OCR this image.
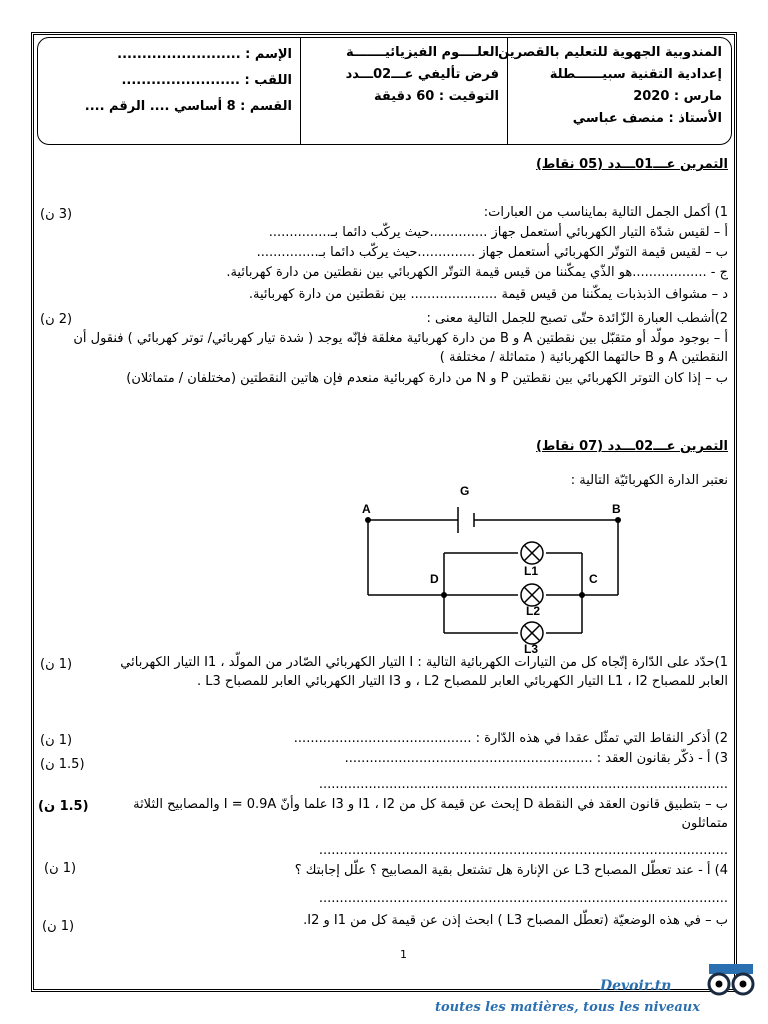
المندوبية الجهوية للتعليم بالقصرين
إعدادية التقنية سبيــــــطلة
مارس : 2020
الأستاذ : منصف عباسي
العلــــوم الفيزيائيـــــــة
فرض تأليفي عـــ02ـــدد
التوقيت : 60 دقيقة
الإسم : .........................
اللقب : ........................
القسم : 8 أساسي .... الرقم ....
التمرين عـــ01ـــدد (05 نقاط)
1) أكمل الجمل التالية بمايناسب من العبارات:
(3 ن)
أ – لقيس شدّة التيار الكهربائي أستعمل جهاز ..............حيث يركّب دائما بـ...............
ب – لقيس قيمة التوتّر الكهربائي أستعمل جهاز ..............حيث يركّب دائما بـ...............
ج - ..................هو الذّي يمكّننا من قيس قيمة التوتّر الكهربائي بين نقطتين من دارة كهربائية.
د – مشواف الذبذبات يمكّننا من قيس قيمة ..................... بين نقطتين من دارة كهربائية.
2)أشطب العبارة الزّائدة حتّى تصبح للجمل التالية معنى :
(2 ن)
أ – بوجود مولّد أو متقبّل بين نقطتين A و B من دارة كهربائية مغلقة فإنّه يوجد ( شدة تيار كهربائي/ توتر كهربائي ) فنقول أن النقطتين A و B حالتهما الكهربائية ( متماثلة / مختلفة )
ب – إذا كان التوتر الكهربائي بين نقطتين P و N من دارة كهربائية منعدم فإن هاتين النقطتين (مختلفان / متماثلان)
التمرين عـــ02ـــدد (07 نقاط)
نعتبر الدارة الكهربائيّة التالية :
1)حدّد على الدّارة إتّجاه كل من التيارات الكهربائية التالية : I التيار الكهربائي الصّادر من المولّد ، I1 التيار الكهربائي العابر للمصباح L1 ، I2 التيار الكهربائي العابر للمصباح L2 ، و I3 التيار الكهربائي العابر للمصباح L3 .
(1 ن)
2) أذكر النقاط التي تمثّل عقدا في هذه الدّارة : ...........................................
(1 ن)
3) أ - ذكّر بقانون العقد : ............................................................
(1.5 ن)
...................................................................................................
ب – بتطبيق قانون العقد في النقطة D إبحث عن قيمة كل من I1 ، I2 و I3 علما وأنّ I = 0.9A والمصابيح الثلاثة متماثلون
(1.5 ن)
...................................................................................................
4) أ - عند تعطّل المصباح L3 عن الإنارة هل تشتعل بقية المصابيح ؟ علّل إجابتك ؟
(1 ن)
...................................................................................................
ب – في هذه الوضعيّة (تعطّل المصباح L3 ) ابحث إذن عن قيمة كل من I1 و I2.
(1 ن)
A	B
G
D	C
L1
L2
L3
1
Devoir.tn
toutes les matières, tous les niveaux
